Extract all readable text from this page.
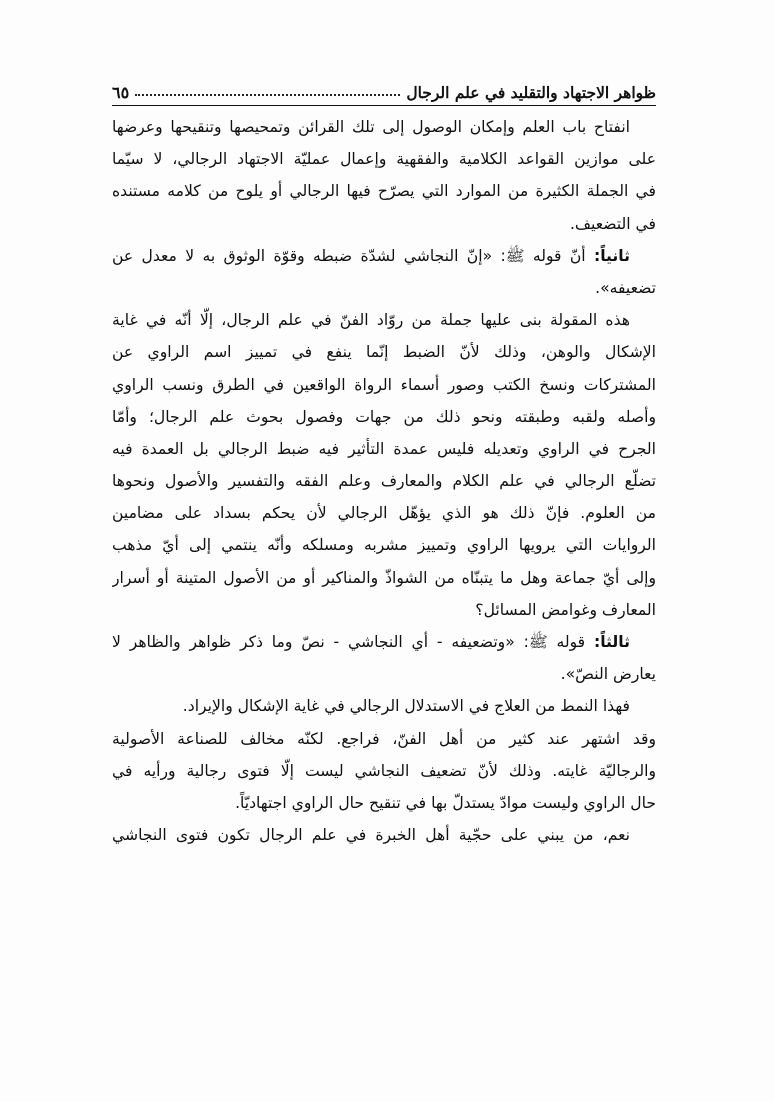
ظواهر الاجتهاد والتقليد في علم الرجال
٦٥
انفتاح باب العلم وإمكان الوصول إلى تلك القرائن وتمحيصها وتنقيحها وعرضها
على موازين القواعد الكلامية والفقهية وإعمال عمليّة الاجتهاد الرجالي، لا سيّما
في الجملة الكثيرة من الموارد التي يصرّح فيها الرجالي أو يلوح من كلامه مستنده
في التضعيف.
ثانياً: أنّ قوله ﷺ: «إنّ النجاشي لشدّة ضبطه وقوّة الوثوق به لا معدل عن
تضعيفه».
هذه المقولة بنى عليها جملة من روّاد الفنّ في علم الرجال، إلّا أنّه في غاية
الإشكال والوهن، وذلك لأنّ الضبط إنّما ينفع في تمييز اسم الراوي عن
المشتركات ونسخ الكتب وصور أسماء الرواة الواقعين في الطرق ونسب الراوي
وأصله ولقبه وطبقته ونحو ذلك من جهات وفصول بحوث علم الرجال؛ وأمّا
الجرح في الراوي وتعديله فليس عمدة التأثير فيه ضبط الرجالي بل العمدة فيه
تضلّع الرجالي في علم الكلام والمعارف وعلم الفقه والتفسير والأصول ونحوها
من العلوم. فإنّ ذلك هو الذي يؤهّل الرجالي لأن يحكم بسداد على مضامين
الروايات التي يرويها الراوي وتمييز مشربه ومسلكه وأنّه ينتمي إلى أيّ مذهب
وإلى أيّ جماعة وهل ما يتبنّاه من الشواذّ والمناكير أو من الأصول المتينة أو أسرار
المعارف وغوامض المسائل؟
ثالثاً: قوله ﷺ: «وتضعيفه - أي النجاشي - نصّ وما ذكر ظواهر والظاهر لا
يعارض النصّ».
فهذا النمط من العلاج في الاستدلال الرجالي في غاية الإشكال والإيراد.
وقد اشتهر عند كثير من أهل الفنّ، فراجع. لكنّه مخالف للصناعة الأصولية
والرجاليّة غايته. وذلك لأنّ تضعيف النجاشي ليست إلّا فتوى رجالية ورأيه في
حال الراوي وليست موادّ يستدلّ بها في تنقيح حال الراوي اجتهاديّاً.
نعم، من يبني على حجّية أهل الخبرة في علم الرجال تكون فتوى النجاشي
